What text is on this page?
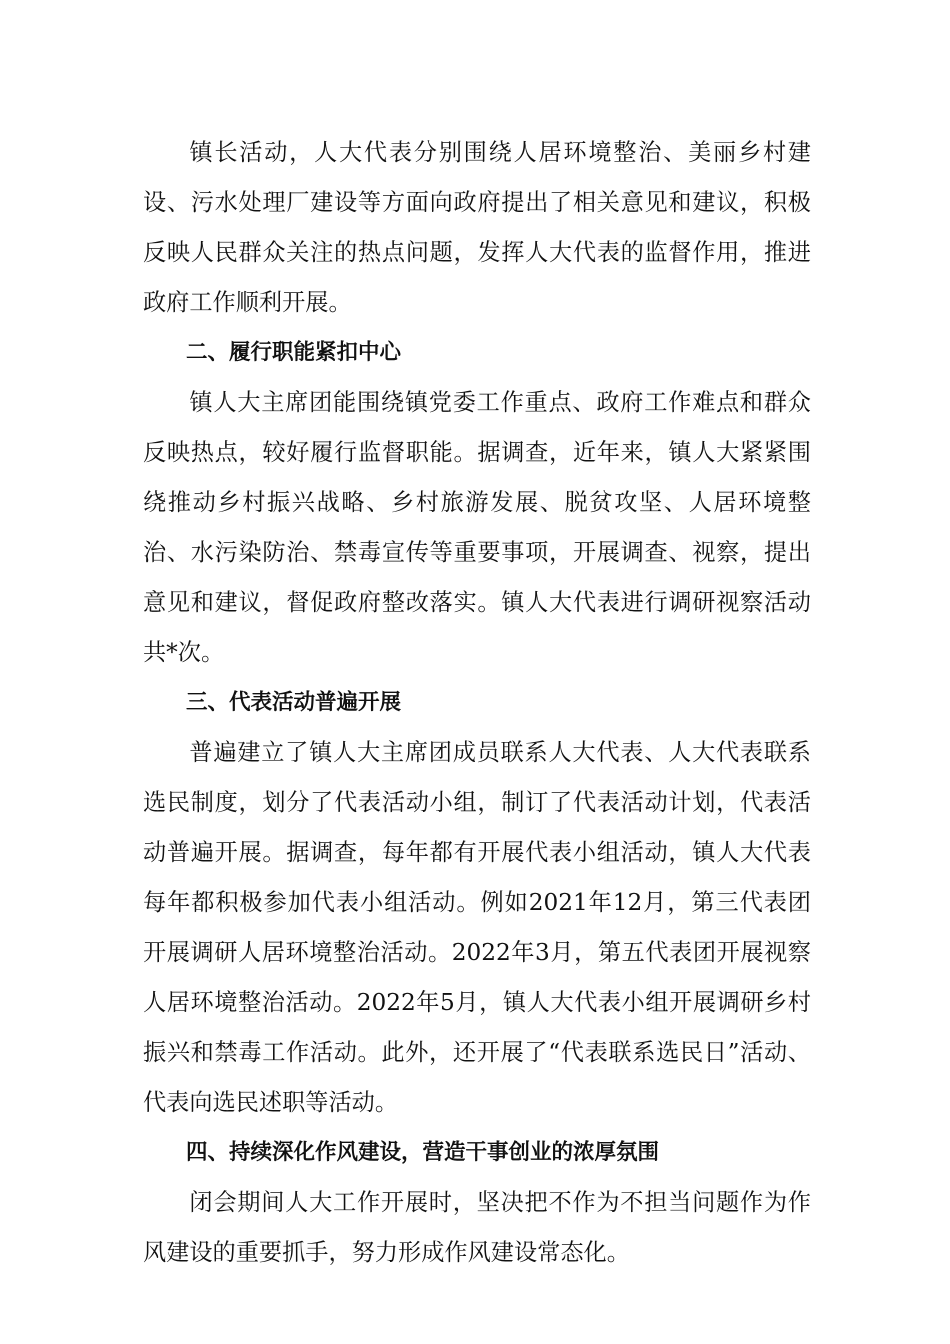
镇长活动，人大代表分别围绕人居环境整治、美丽乡村建设、污水处理厂建设等方面向政府提出了相关意见和建议，积极反映人民群众关注的热点问题，发挥人大代表的监督作用，推进政府工作顺利开展。

二、履行职能紧扣中心

镇人大主席团能围绕镇党委工作重点、政府工作难点和群众反映热点，较好履行监督职能。据调查，近年来，镇人大紧紧围绕推动乡村振兴战略、乡村旅游发展、脱贫攻坚、人居环境整治、水污染防治、禁毒宣传等重要事项，开展调查、视察，提出意见和建议，督促政府整改落实。镇人大代表进行调研视察活动共*次。

三、代表活动普遍开展

普遍建立了镇人大主席团成员联系人大代表、人大代表联系选民制度，划分了代表活动小组，制订了代表活动计划，代表活动普遍开展。据调查，每年都有开展代表小组活动，镇人大代表每年都积极参加代表小组活动。例如2021年12月，第三代表团开展调研人居环境整治活动。2022年3月，第五代表团开展视察人居环境整治活动。2022年5月，镇人大代表小组开展调研乡村振兴和禁毒工作活动。此外，还开展了“代表联系选民日”活动、代表向选民述职等活动。

四、持续深化作风建设，营造干事创业的浓厚氛围

闭会期间人大工作开展时，坚决把不作为不担当问题作为作风建设的重要抓手，努力形成作风建设常态化。
